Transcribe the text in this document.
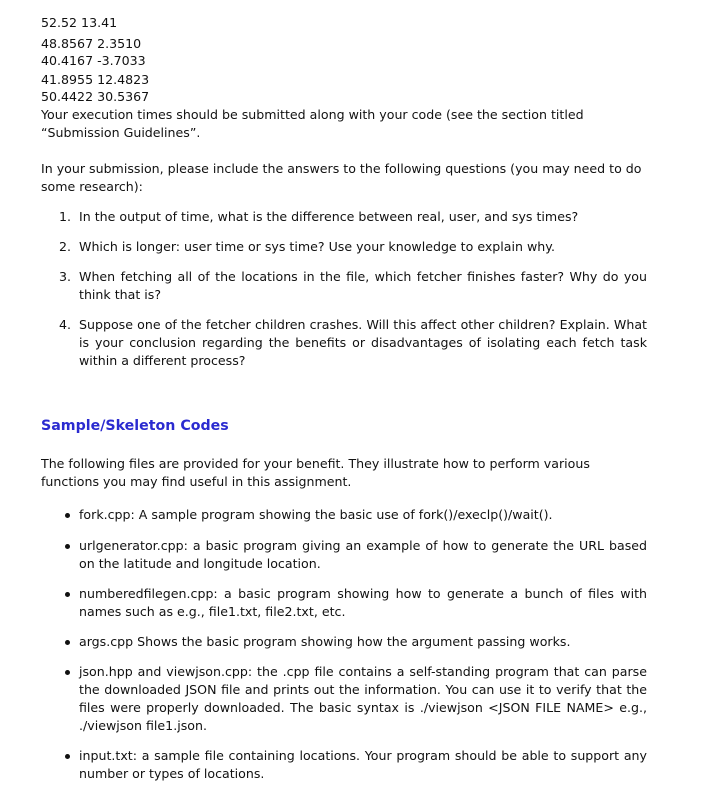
52.52 13.41
48.8567 2.3510
40.4167 -3.7033
41.8955 12.4823
50.4422 30.5367
Your execution times should be submitted along with your code (see the section titled “Submission Guidelines”.
In your submission, please include the answers to the following questions (you may need to do some research):
1. In the output of time, what is the difference between real, user, and sys times?
2. Which is longer: user time or sys time? Use your knowledge to explain why.
3. When fetching all of the locations in the file, which fetcher finishes faster? Why do you think that is?
4. Suppose one of the fetcher children crashes. Will this affect other children? Explain. What is your conclusion regarding the benefits or disadvantages of isolating each fetch task within a different process?
Sample/Skeleton Codes
The following files are provided for your benefit. They illustrate how to perform various functions you may find useful in this assignment.
fork.cpp: A sample program showing the basic use of fork()/execlp()/wait().
urlgenerator.cpp: a basic program giving an example of how to generate the URL based on the latitude and longitude location.
numberedfilegen.cpp: a basic program showing how to generate a bunch of files with names such as e.g., file1.txt, file2.txt, etc.
args.cpp Shows the basic program showing how the argument passing works.
json.hpp and viewjson.cpp: the .cpp file contains a self-standing program that can parse the downloaded JSON file and prints out the information. You can use it to verify that the files were properly downloaded. The basic syntax is ./viewjson <JSON FILE NAME> e.g., ./viewjson file1.json.
input.txt: a sample file containing locations. Your program should be able to support any number or types of locations.
